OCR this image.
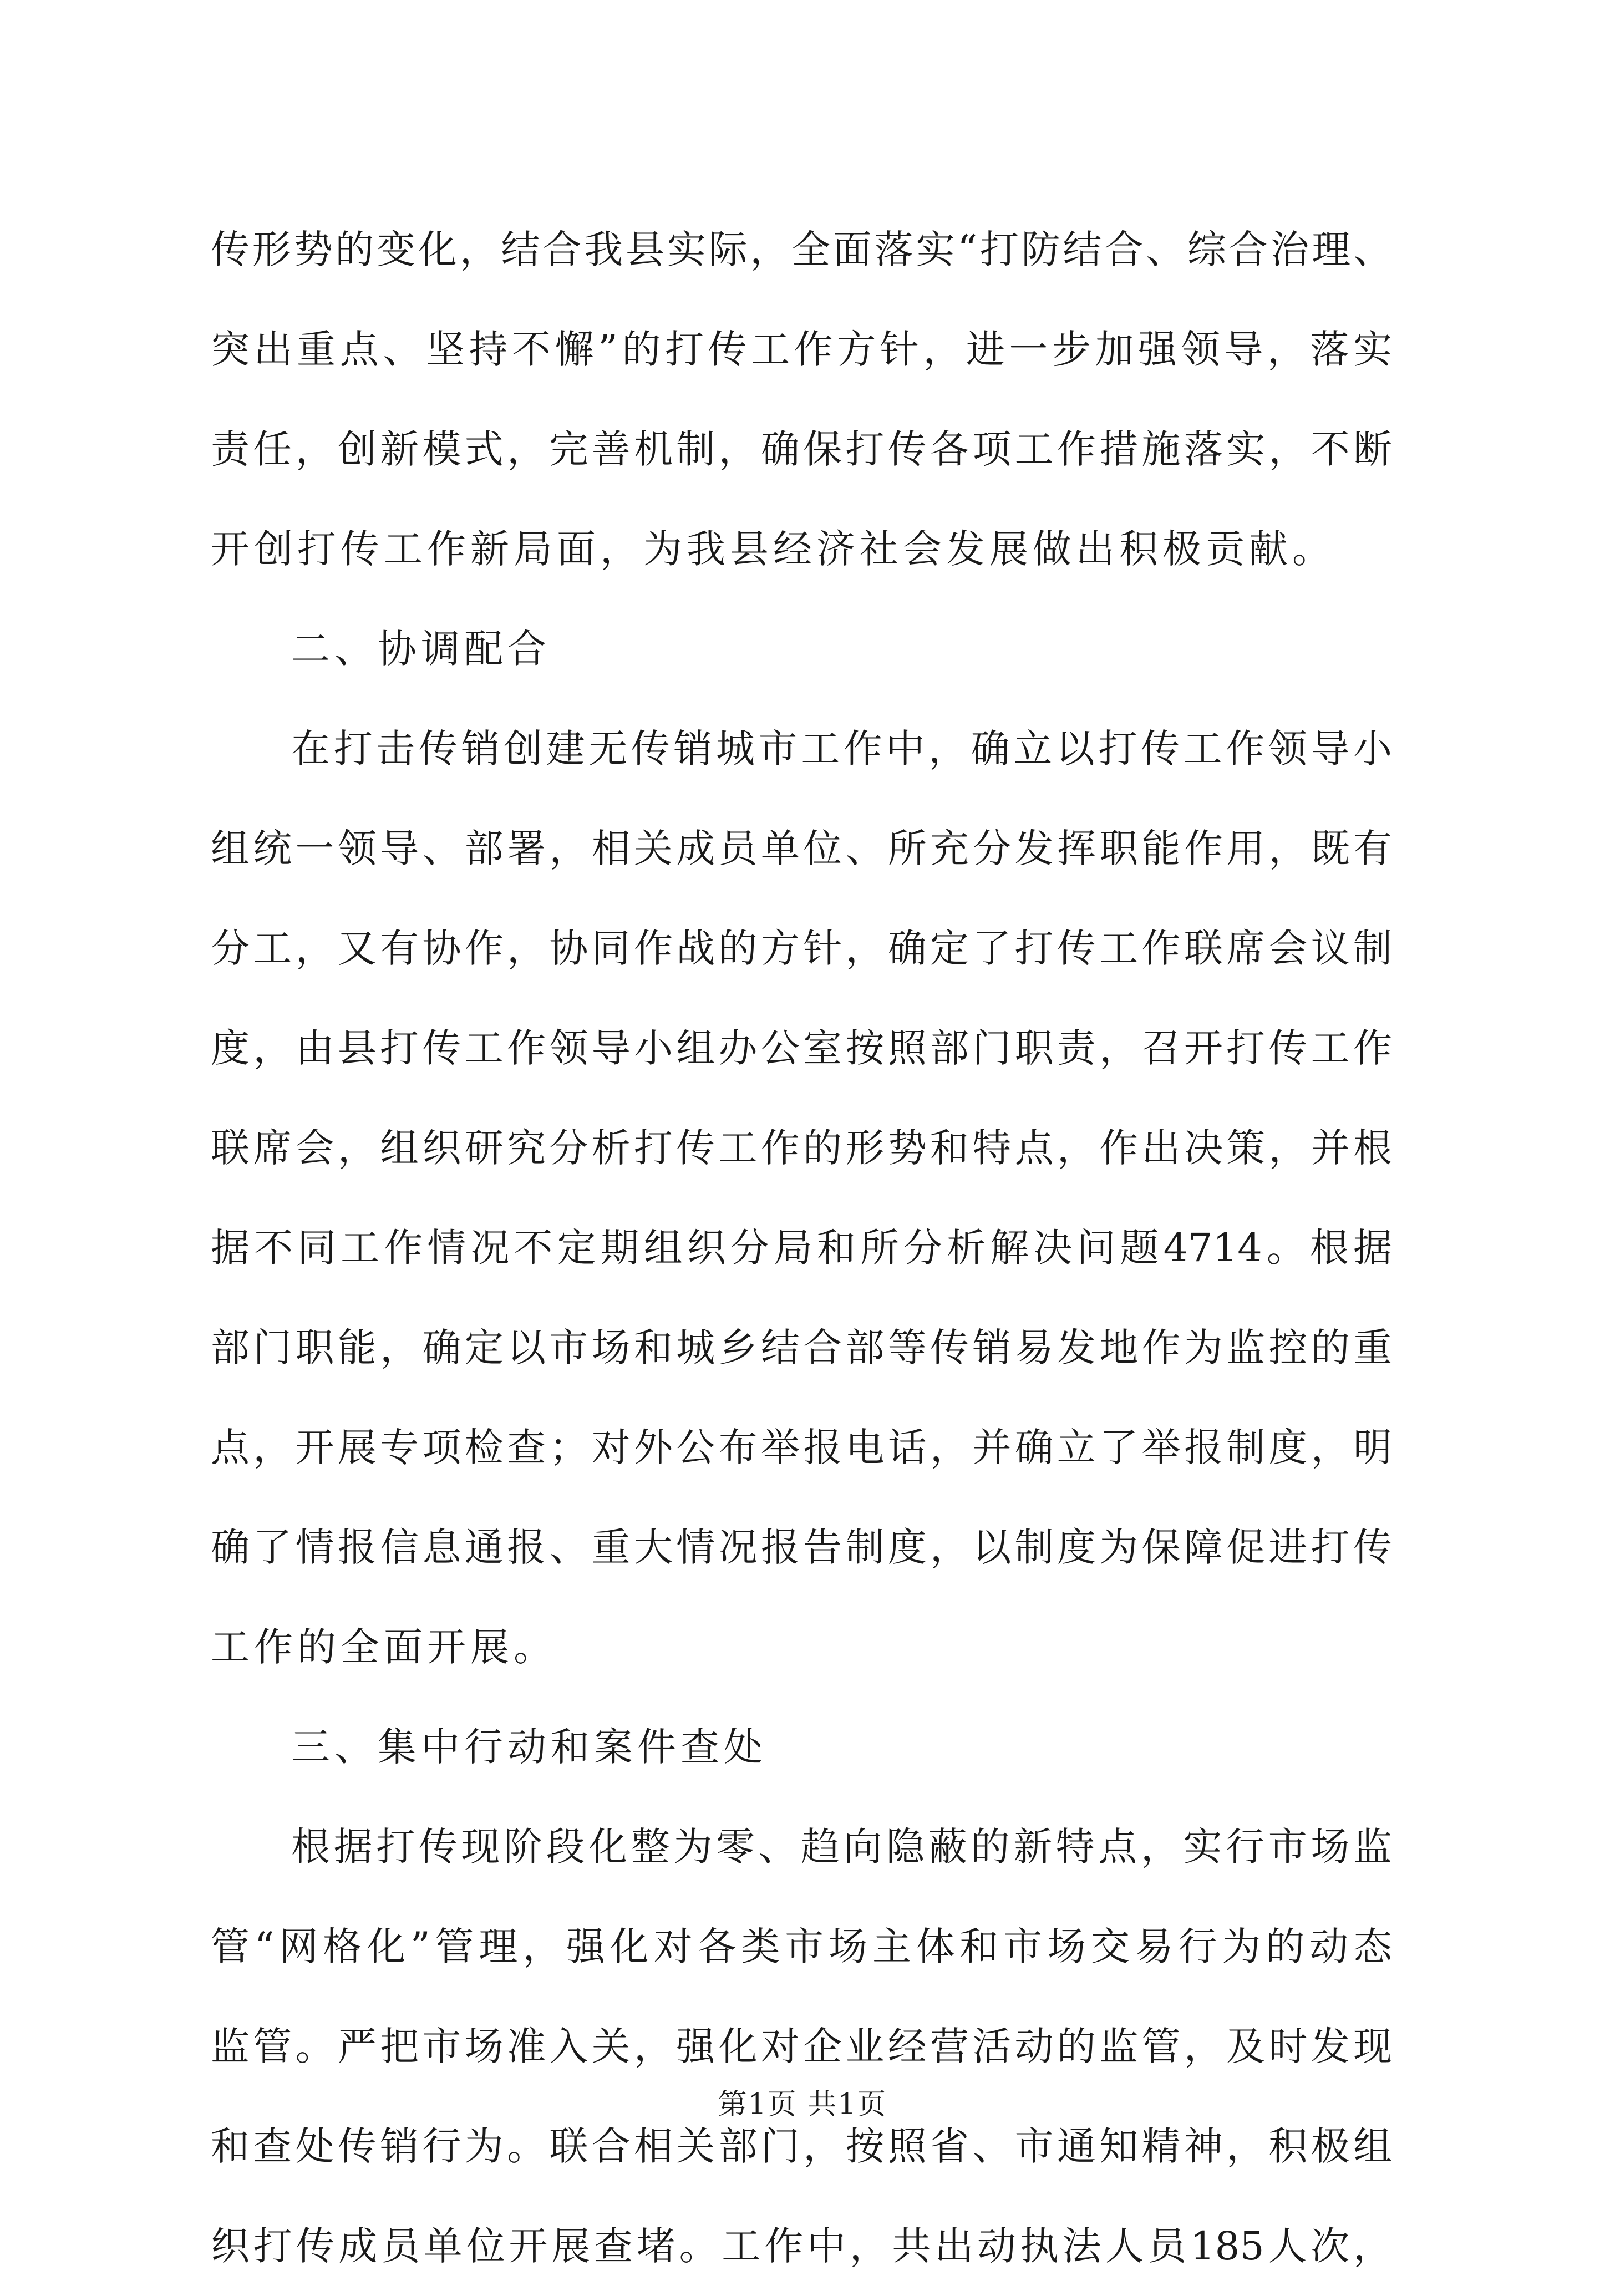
传形势的变化，结合我县实际，全面落实“打防结合、综合治理、
突出重点、坚持不懈”的打传工作方针，进一步加强领导，落实
责任，创新模式，完善机制，确保打传各项工作措施落实，不断
开创打传工作新局面，为我县经济社会发展做出积极贡献。
二、协调配合
在打击传销创建无传销城市工作中，确立以打传工作领导小
组统一领导、部署，相关成员单位、所充分发挥职能作用，既有
分工，又有协作，协同作战的方针，确定了打传工作联席会议制
度，由县打传工作领导小组办公室按照部门职责，召开打传工作
联席会，组织研究分析打传工作的形势和特点，作出决策，并根
据不同工作情况不定期组织分局和所分析解决问题4714。根据
部门职能，确定以市场和城乡结合部等传销易发地作为监控的重
点，开展专项检查；对外公布举报电话，并确立了举报制度，明
确了情报信息通报、重大情况报告制度，以制度为保障促进打传
工作的全面开展。
三、集中行动和案件查处
根据打传现阶段化整为零、趋向隐蔽的新特点，实行市场监
管“网格化”管理，强化对各类市场主体和市场交易行为的动态
监管。严把市场准入关，强化对企业经营活动的监管，及时发现
和查处传销行为。联合相关部门，按照省、市通知精神，积极组
织打传成员单位开展查堵。工作中，共出动执法人员185人次，
第1页 共1页
